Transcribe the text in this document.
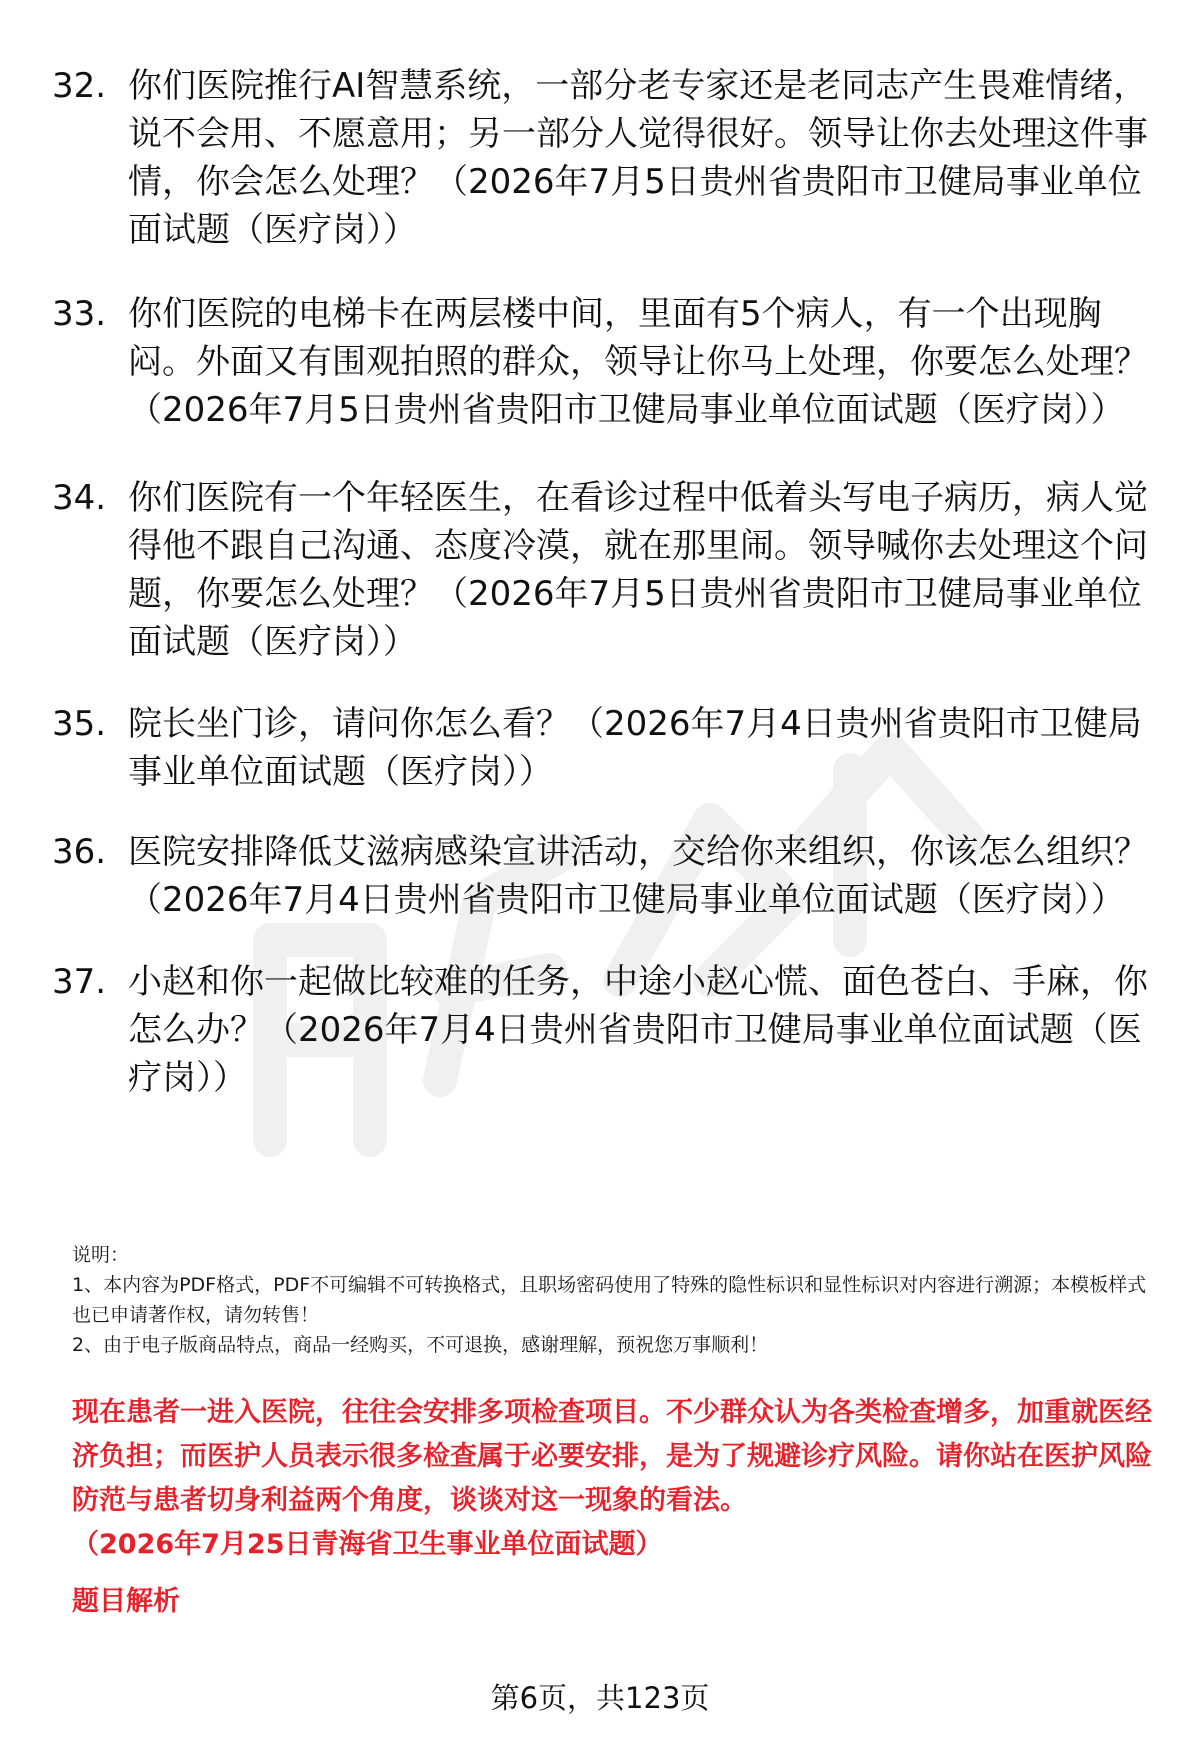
32. 你们医院推行AI智慧系统，一部分老专家还是老同志产生畏难情绪，说不会用、不愿意用；另一部分人觉得很好。领导让你去处理这件事情，你会怎么处理？（2026年7月5日贵州省贵阳市卫健局事业单位面试题（医疗岗））
33. 你们医院的电梯卡在两层楼中间，里面有5个病人，有一个出现胸闷。外面又有围观拍照的群众，领导让你马上处理，你要怎么处理？（2026年7月5日贵州省贵阳市卫健局事业单位面试题（医疗岗））
34. 你们医院有一个年轻医生，在看诊过程中低着头写电子病历，病人觉得他不跟自己沟通、态度冷漠，就在那里闹。领导喊你去处理这个问题，你要怎么处理？（2026年7月5日贵州省贵阳市卫健局事业单位面试题（医疗岗））
35. 院长坐门诊，请问你怎么看？（2026年7月4日贵州省贵阳市卫健局事业单位面试题（医疗岗））
36. 医院安排降低艾滋病感染宣讲活动，交给你来组织，你该怎么组织？（2026年7月4日贵州省贵阳市卫健局事业单位面试题（医疗岗））
37. 小赵和你一起做比较难的任务，中途小赵心慌、面色苍白、手麻，你怎么办？（2026年7月4日贵州省贵阳市卫健局事业单位面试题（医疗岗））

说明：

1、本内容为PDF格式，PDF不可编辑不可转换格式，且职场密码使用了特殊的隐性标识和显性标识对内容进行溯源；本模板样式也已申请著作权，请勿转售！

2、由于电子版商品特点，商品一经购买，不可退换，感谢理解，预祝您万事顺利！

现在患者一进入医院，往往会安排多项检查项目。不少群众认为各类检查增多，加重就医经济负担；而医护人员表示很多检查属于必要安排，是为了规避诊疗风险。请你站在医护风险防范与患者切身利益两个角度，谈谈对这一现象的看法。

（2026年7月25日青海省卫生事业单位面试题）

题目解析
第6页，共123页
